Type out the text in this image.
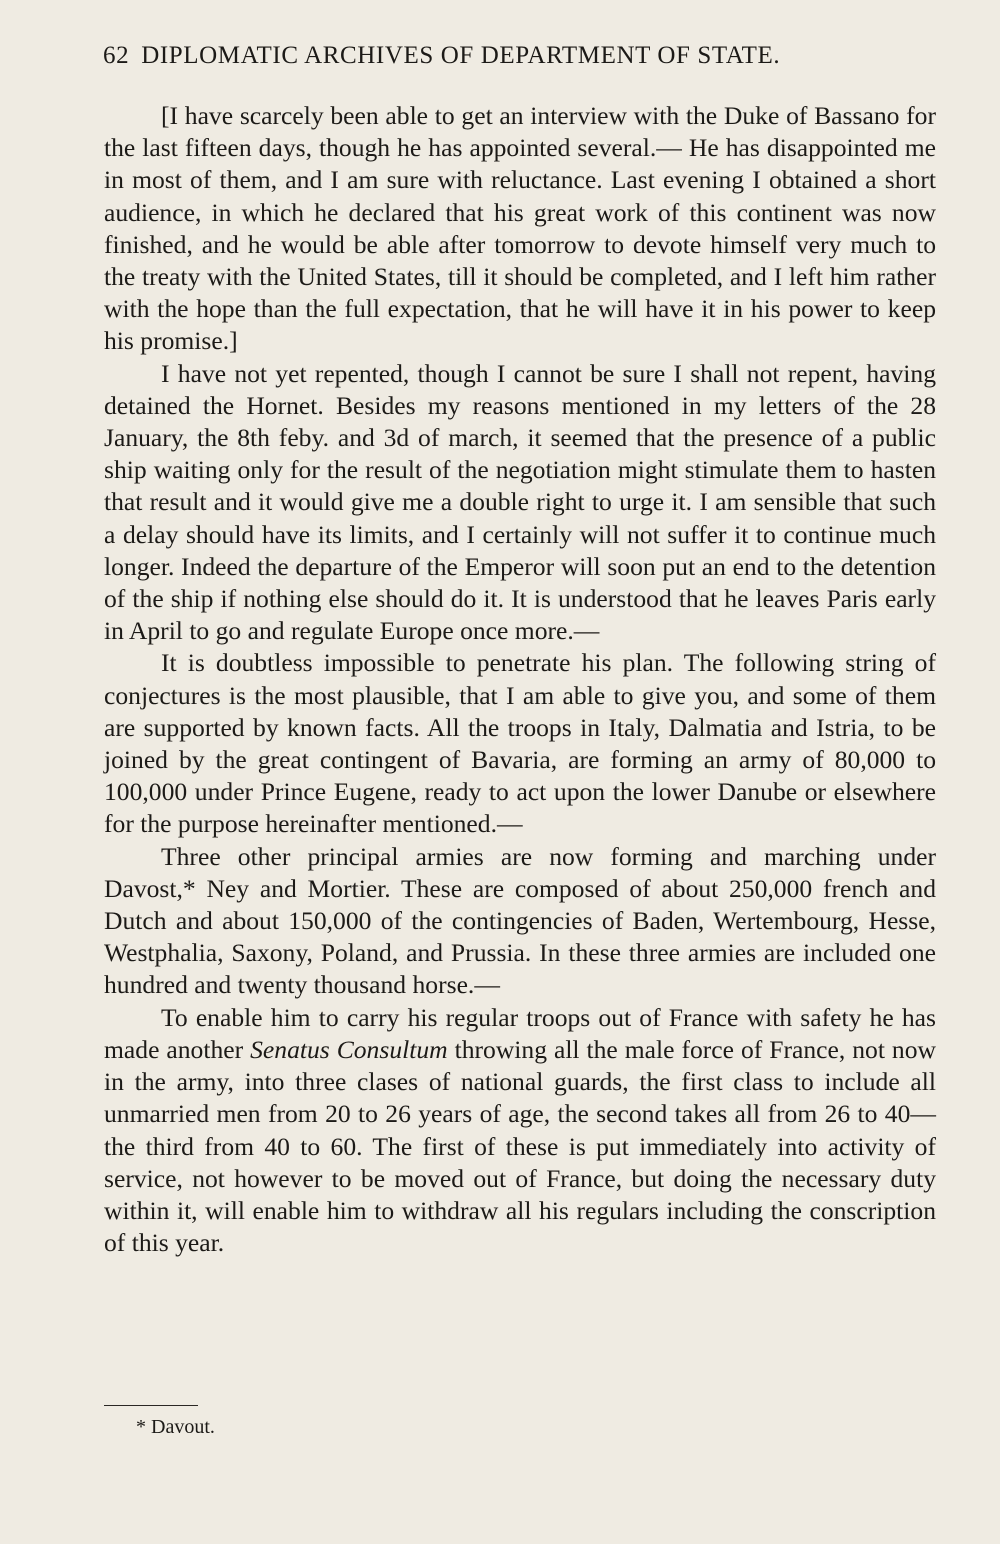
62 DIPLOMATIC ARCHIVES OF DEPARTMENT OF STATE.

[I have scarcely been able to get an interview with the Duke of Bassano for the last fifteen days, though he has appointed several.— He has disappointed me in most of them, and I am sure with reluctance. Last evening I obtained a short audience, in which he declared that his great work of this continent was now finished, and he would be able after tomorrow to devote himself very much to the treaty with the United States, till it should be completed, and I left him rather with the hope than the full expectation, that he will have it in his power to keep his promise.]

I have not yet repented, though I cannot be sure I shall not repent, having detained the Hornet. Besides my reasons mentioned in my letters of the 28 January, the 8th feby. and 3d of march, it seemed that the presence of a public ship waiting only for the result of the negotiation might stimulate them to hasten that result and it would give me a double right to urge it. I am sensible that such a delay should have its limits, and I certainly will not suffer it to continue much longer. Indeed the departure of the Emperor will soon put an end to the detention of the ship if nothing else should do it. It is understood that he leaves Paris early in April to go and regulate Europe once more.—

It is doubtless impossible to penetrate his plan. The following string of conjectures is the most plausible, that I am able to give you, and some of them are supported by known facts. All the troops in Italy, Dalmatia and Istria, to be joined by the great contingent of Bavaria, are forming an army of 80,000 to 100,000 under Prince Eugene, ready to act upon the lower Danube or elsewhere for the purpose hereinafter mentioned.—

Three other principal armies are now forming and marching under Davost,* Ney and Mortier. These are composed of about 250,000 french and Dutch and about 150,000 of the contingencies of Baden, Wertembourg, Hesse, Westphalia, Saxony, Poland, and Prussia. In these three armies are included one hundred and twenty thousand horse.—

To enable him to carry his regular troops out of France with safety he has made another Senatus Consultum throwing all the male force of France, not now in the army, into three clases of national guards, the first class to include all unmarried men from 20 to 26 years of age, the second takes all from 26 to 40—the third from 40 to 60. The first of these is put immediately into activity of service, not however to be moved out of France, but doing the necessary duty within it, will enable him to withdraw all his regulars including the conscription of this year.

* Davout.
